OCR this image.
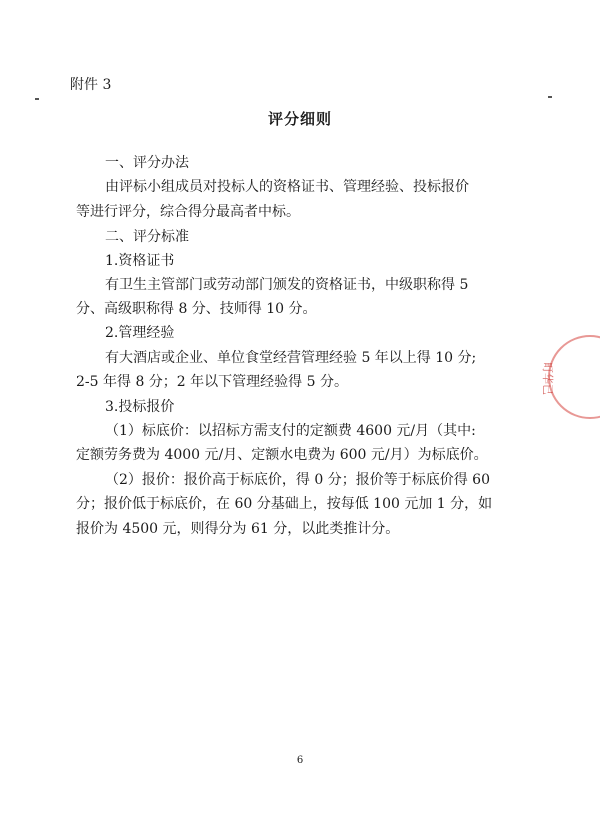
附件 3
评分细则
一、评分办法
由评标小组成员对投标人的资格证书、管理经验、投标报价
等进行评分，综合得分最高者中标。
二、评分标准
1.资格证书
有卫生主管部门或劳动部门颁发的资格证书，中级职称得 5
分、高级职称得 8 分、技师得 10 分。
2.管理经验
有大酒店或企业、单位食堂经营管理经验 5 年以上得 10 分;
2-5 年得 8 分；2 年以下管理经验得 5 分。
3.投标报价
（1）标底价：以招标方需支付的定额费 4600 元/月（其中:
定额劳务费为 4000 元/月、定额水电费为 600 元/月）为标底价。
（2）报价：报价高于标底价，得 0 分；报价等于标底价得 60
分；报价低于标底价，在 60 分基础上，按每低 100 元加 1 分，如
报价为 4500 元，则得分为 61 分，以此类推计分。
町华已
6
